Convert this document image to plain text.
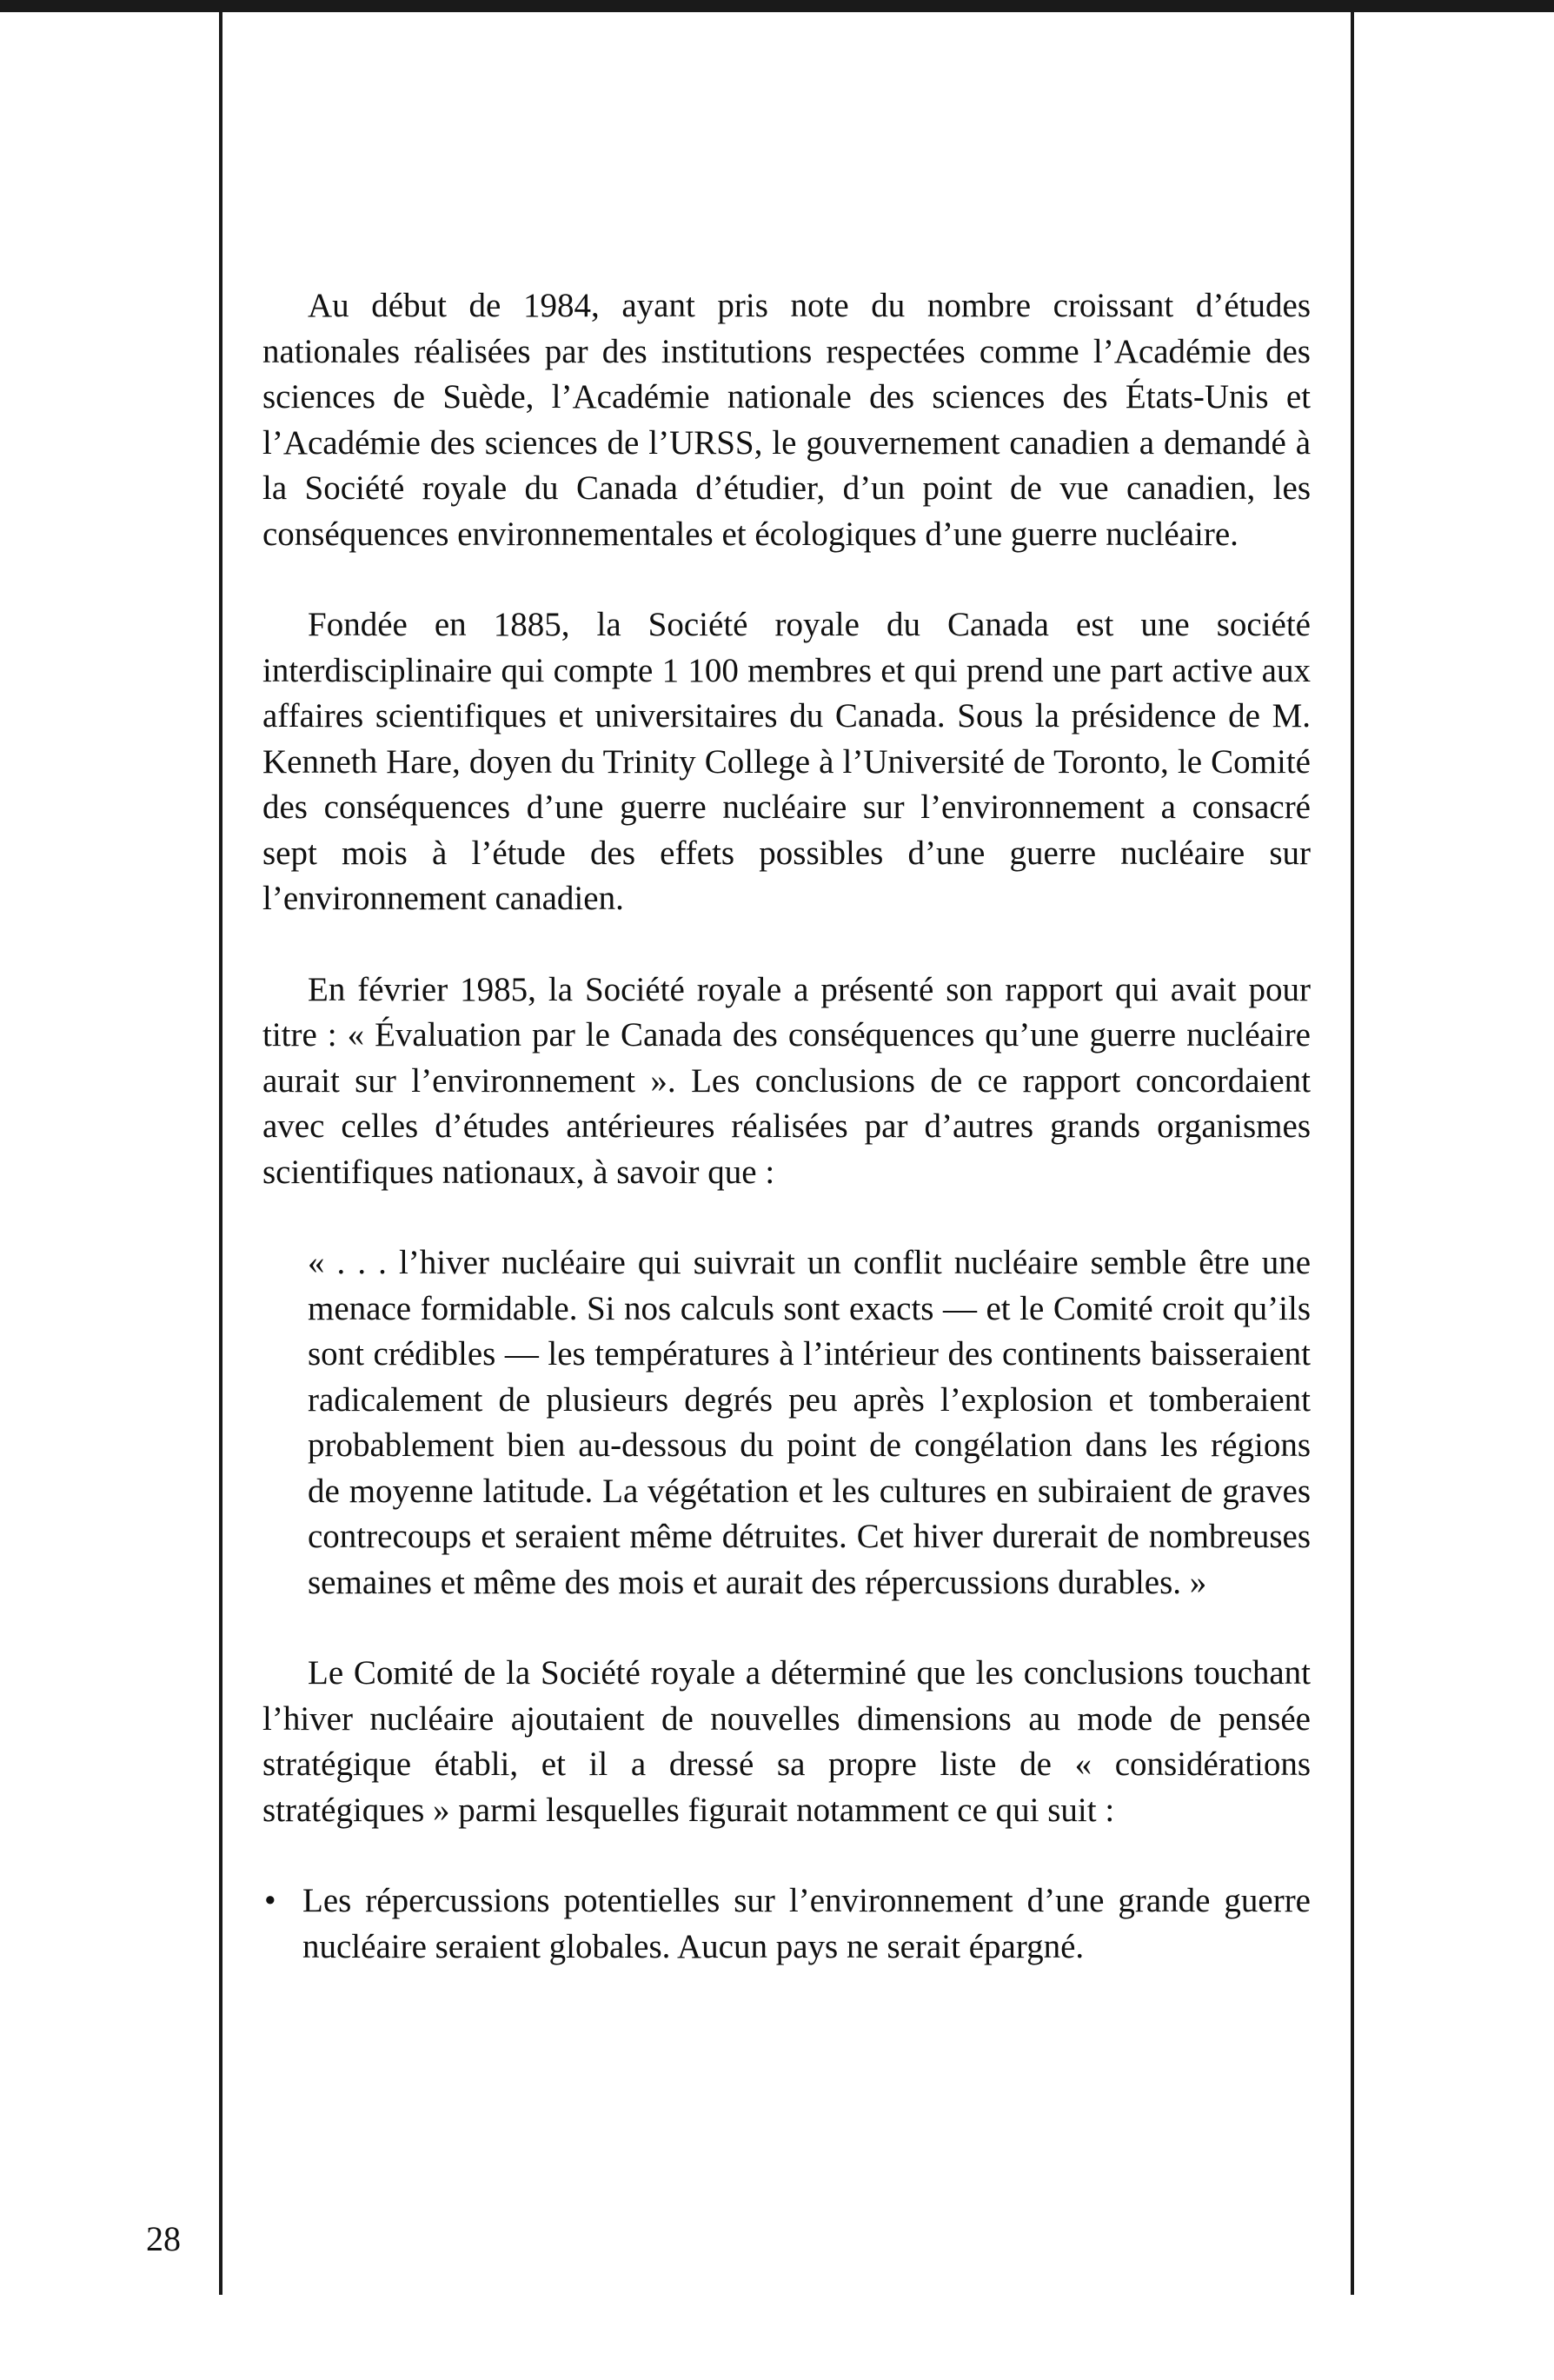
28

Au début de 1984, ayant pris note du nombre croissant d’études nationales réalisées par des institutions respectées comme l’Académie des sciences de Suède, l’Académie nationale des sciences des États-Unis et l’Académie des sciences de l’URSS, le gouvernement canadien a demandé à la Société royale du Canada d’étudier, d’un point de vue canadien, les conséquences environnementales et écologiques d’une guerre nucléaire.

Fondée en 1885, la Société royale du Canada est une société interdisciplinaire qui compte 1 100 membres et qui prend une part active aux affaires scientifiques et universitaires du Canada. Sous la présidence de M. Kenneth Hare, doyen du Trinity College à l’Université de Toronto, le Comité des conséquences d’une guerre nucléaire sur l’environnement a consacré sept mois à l’étude des effets possibles d’une guerre nucléaire sur l’environnement canadien.

En février 1985, la Société royale a présenté son rapport qui avait pour titre : « Évaluation par le Canada des conséquences qu’une guerre nucléaire aurait sur l’environnement ». Les conclusions de ce rapport concordaient avec celles d’études antérieures réalisées par d’autres grands organismes scientifiques nationaux, à savoir que :

« . . . l’hiver nucléaire qui suivrait un conflit nucléaire semble être une menace formidable. Si nos calculs sont exacts — et le Comité croit qu’ils sont crédibles — les températures à l’intérieur des continents baisseraient radicalement de plusieurs degrés peu après l’explosion et tomberaient probablement bien au-dessous du point de congélation dans les régions de moyenne latitude. La végétation et les cultures en subiraient de graves contrecoups et seraient même détruites. Cet hiver durerait de nombreuses semaines et même des mois et aurait des répercussions durables. »

Le Comité de la Société royale a déterminé que les conclusions touchant l’hiver nucléaire ajoutaient de nouvelles dimensions au mode de pensée stratégique établi, et il a dressé sa propre liste de « considérations stratégiques » parmi lesquelles figurait notamment ce qui suit :

• Les répercussions potentielles sur l’environnement d’une grande guerre nucléaire seraient globales. Aucun pays ne serait épargné.
